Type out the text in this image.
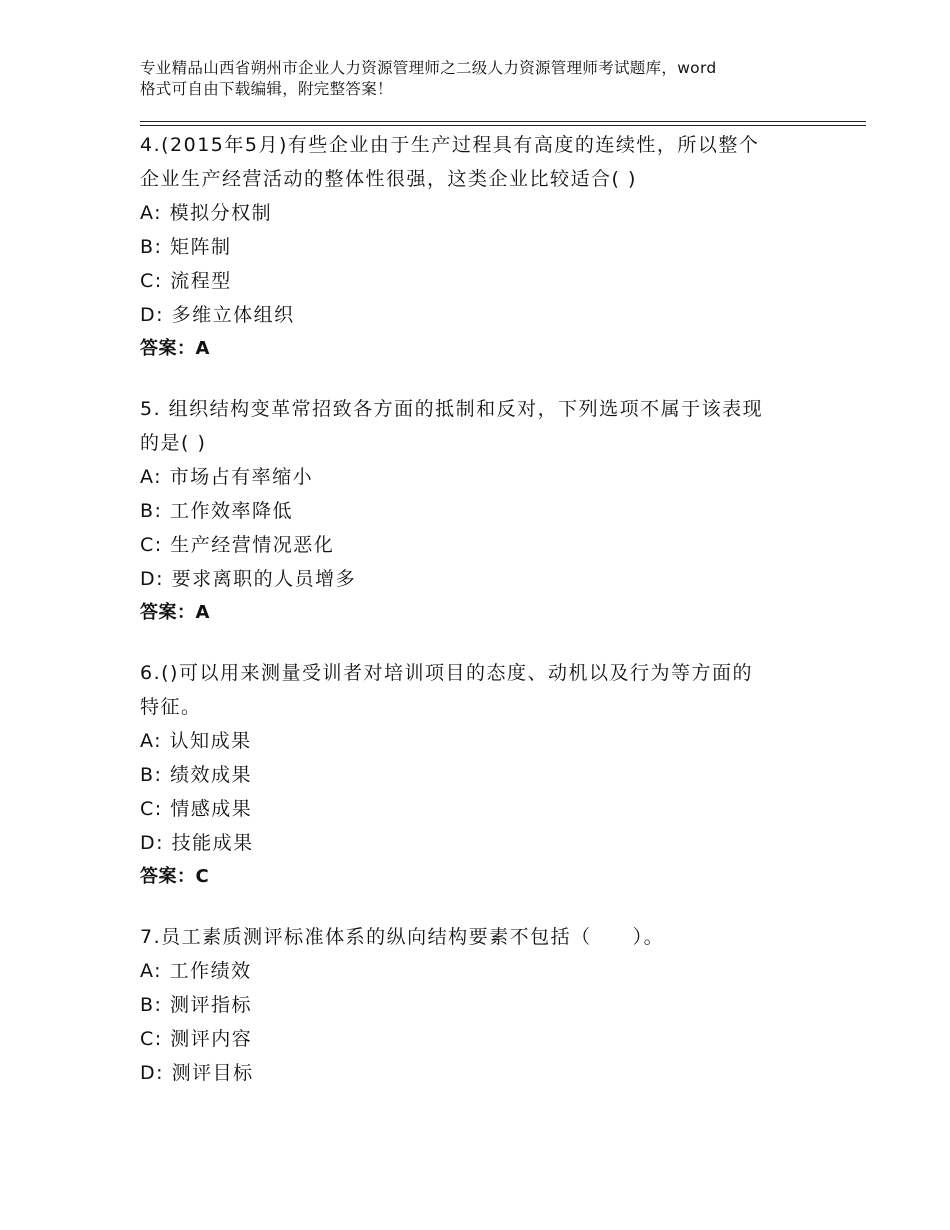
专业精品山西省朔州市企业人力资源管理师之二级人力资源管理师考试题库，word
格式可自由下载编辑，附完整答案！
4.(2015年5月)有些企业由于生产过程具有高度的连续性，所以整个
企业生产经营活动的整体性很强，这类企业比较适合( )
A: 模拟分权制
B: 矩阵制
C: 流程型
D: 多维立体组织
答案：A
5. 组织结构变革常招致各方面的抵制和反对，下列选项不属于该表现
的是( )
A: 市场占有率缩小
B: 工作效率降低
C: 生产经营情况恶化
D: 要求离职的人员增多
答案：A
6.()可以用来测量受训者对培训项目的态度、动机以及行为等方面的
特征。
A: 认知成果
B: 绩效成果
C: 情感成果
D: 技能成果
答案：C
7.员工素质测评标准体系的纵向结构要素不包括（　　）。
A: 工作绩效
B: 测评指标
C: 测评内容
D: 测评目标
